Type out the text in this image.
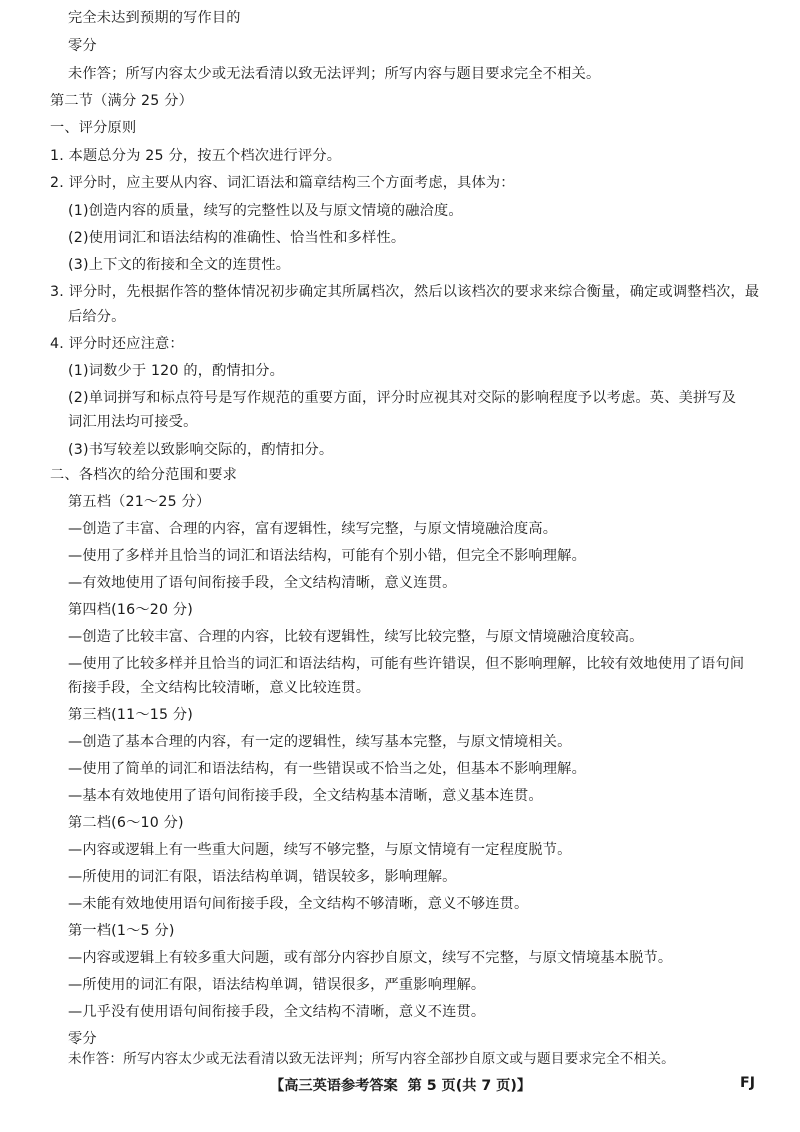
完全未达到预期的写作目的
零分
未作答；所写内容太少或无法看清以致无法评判；所写内容与题目要求完全不相关。
第二节（满分 25 分）
一、评分原则
1. 本题总分为 25 分，按五个档次进行评分。
2. 评分时，应主要从内容、词汇语法和篇章结构三个方面考虑，具体为：
(1)创造内容的质量，续写的完整性以及与原文情境的融洽度。
(2)使用词汇和语法结构的准确性、恰当性和多样性。
(3)上下文的衔接和全文的连贯性。
3. 评分时，先根据作答的整体情况初步确定其所属档次，然后以该档次的要求来综合衡量，确定或调整档次，最
后给分。
4. 评分时还应注意：
(1)词数少于 120 的，酌情扣分。
(2)单词拼写和标点符号是写作规范的重要方面，评分时应视其对交际的影响程度予以考虑。英、美拼写及
词汇用法均可接受。
(3)书写较差以致影响交际的，酌情扣分。
二、各档次的给分范围和要求
第五档（21～25 分）
—创造了丰富、合理的内容，富有逻辑性，续写完整，与原文情境融洽度高。
—使用了多样并且恰当的词汇和语法结构，可能有个别小错，但完全不影响理解。
—有效地使用了语句间衔接手段，全文结构清晰，意义连贯。
第四档(16～20 分)
—创造了比较丰富、合理的内容，比较有逻辑性，续写比较完整，与原文情境融洽度较高。
—使用了比较多样并且恰当的词汇和语法结构，可能有些许错误，但不影响理解，比较有效地使用了语句间
衔接手段，全文结构比较清晰，意义比较连贯。
第三档(11～15 分)
—创造了基本合理的内容，有一定的逻辑性，续写基本完整，与原文情境相关。
—使用了简单的词汇和语法结构，有一些错误或不恰当之处，但基本不影响理解。
—基本有效地使用了语句间衔接手段，全文结构基本清晰，意义基本连贯。
第二档(6～10 分)
—内容或逻辑上有一些重大问题，续写不够完整，与原文情境有一定程度脱节。
—所使用的词汇有限，语法结构单调，错误较多，影响理解。
—未能有效地使用语句间衔接手段，全文结构不够清晰，意义不够连贯。
第一档(1～5 分)
—内容或逻辑上有较多重大问题，或有部分内容抄自原文，续写不完整，与原文情境基本脱节。
—所使用的词汇有限，语法结构单调，错误很多，严重影响理解。
—几乎没有使用语句间衔接手段，全文结构不清晰，意义不连贯。
零分
未作答：所写内容太少或无法看清以致无法评判；所写内容全部抄自原文或与题目要求完全不相关。
【高三英语参考答案 第 5 页(共 7 页)】	FJ
